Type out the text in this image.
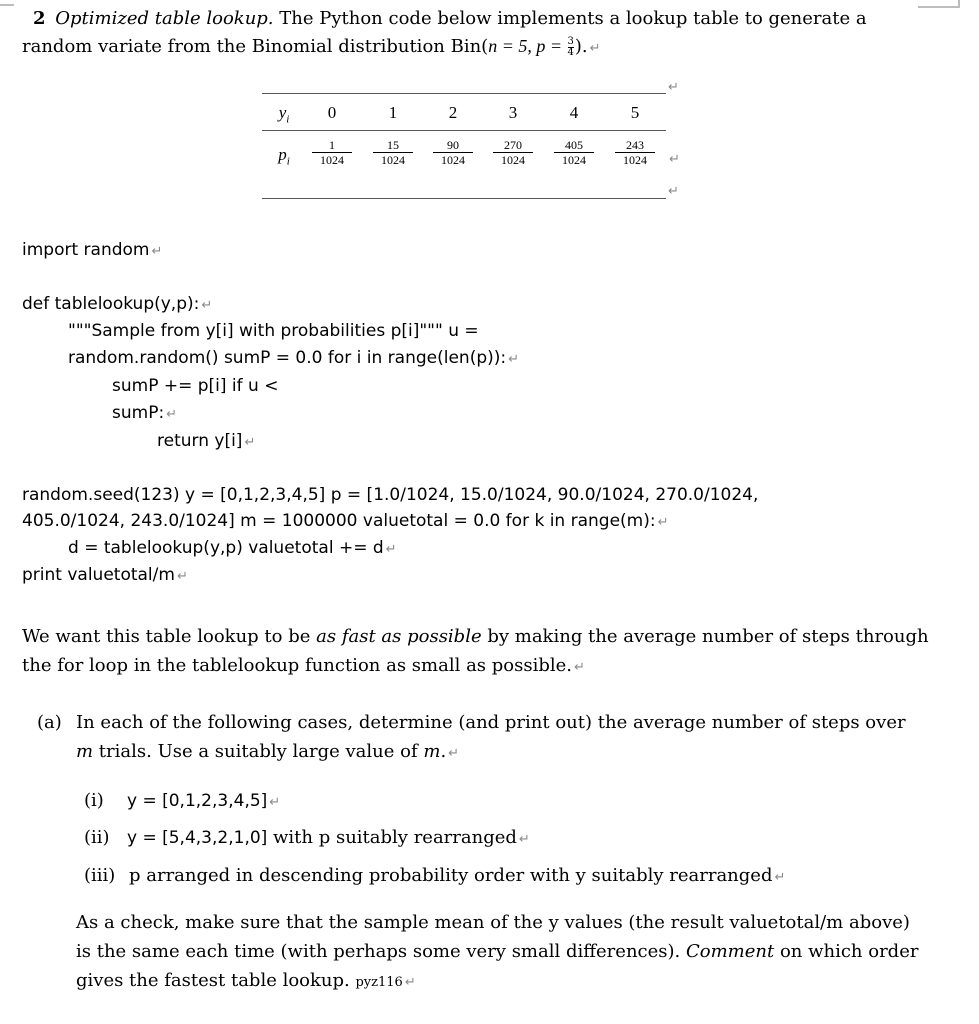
2 Optimized table lookup. The Python code below implements a lookup table to generate a
random variate from the Binomial distribution Bin(n = 5, $p = \frac{3}{4}$ ). ↵
$y_i$	0	1	2	3	4	5
$p_i$	$\frac{1}{1024} \frac{15}{1024} \frac{90}{1024} \frac{270}{1024} \frac{405}{1024} \frac{243}{1024}$
↵
↵
↵
import random ↵
def tablelookup(y,p): ↵
"""Sample from y[i] with probabilities p[i]""" u =
random.random() sumP = 0.0 for i in range(len(p)): ↵
sumP += p[i] if u <
sumP: ↵
return y[i] ↵
random.seed(123) y = [0,1,2,3,4,5] p = [1.0/1024, 15.0/1024, 90.0/1024, 270.0/1024,
405.0/1024, 243.0/1024] m = 1000000 valuetotal = 0.0 for k in range(m): ↵
d = tablelookup(y,p) valuetotal += d ↵
print valuetotal/m ↵
We want this table lookup to be as fast as possible by making the average number of steps through
the for loop in the tablelookup function as small as possible. ↵
(a) In each of the following cases, determine (and print out) the average number of steps over
m trials. Use a suitably large value of m. ↵
(i) y = [0,1,2,3,4,5] ↵
(ii) y = [5,4,3,2,1,0] with p suitably rearranged ↵
(iii) p arranged in descending probability order with y suitably rearranged ↵
As a check, make sure that the sample mean of the y values (the result valuetotal/m above)
is the same each time (with perhaps some very small differences). Comment on which order
gives the fastest table lookup. pyz116 ↵
